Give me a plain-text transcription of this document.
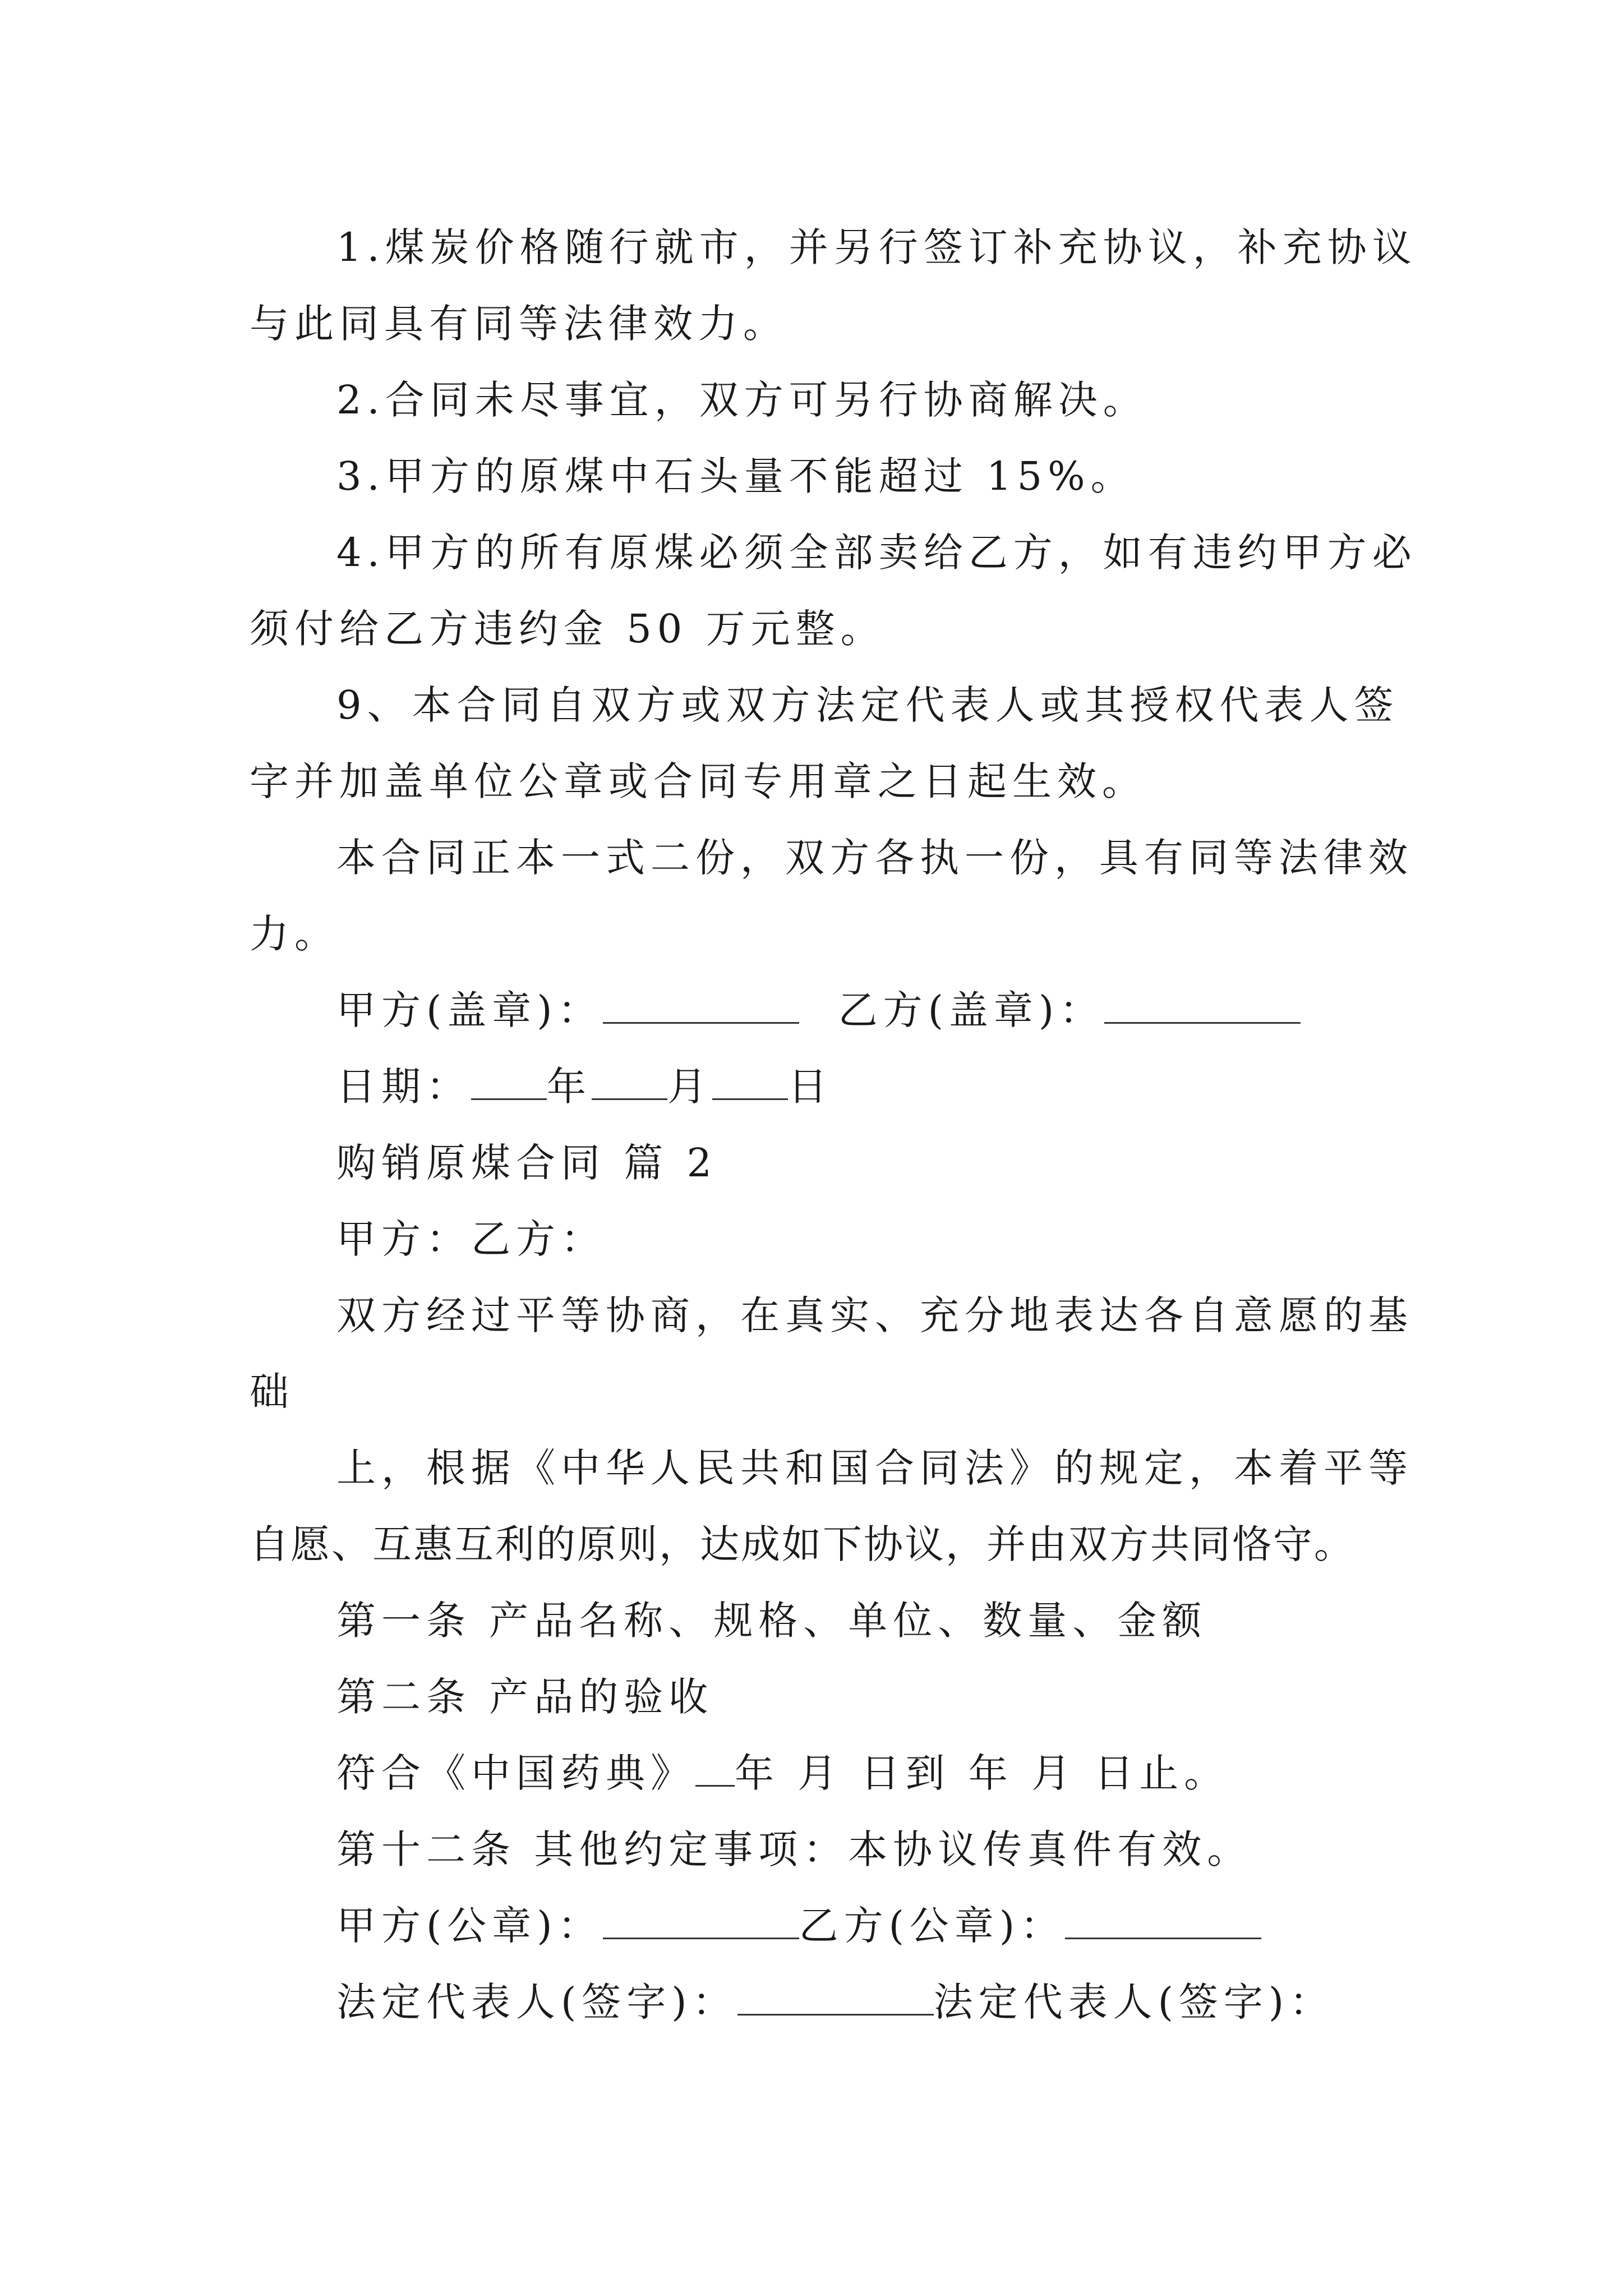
1.煤炭价格随行就市，并另行签订补充协议，补充协议

与此同具有同等法律效力。

2.合同未尽事宜，双方可另行协商解决。

3.甲方的原煤中石头量不能超过 15%。

4.甲方的所有原煤必须全部卖给乙方，如有违约甲方必

须付给乙方违约金 50 万元整。

9、本合同自双方或双方法定代表人或其授权代表人签

字并加盖单位公章或合同专用章之日起生效。

本合同正本一式二份，双方各执一份，具有同等法律效

力。

甲方(盖章)：	乙方(盖章)：

日期： 年 月 日

购销原煤合同 篇 2

甲方：乙方：

双方经过平等协商，在真实、充分地表达各自意愿的基

础

上，根据《中华人民共和国合同法》的规定，本着平等

自愿、互惠互利的原则，达成如下协议，并由双方共同恪守。

第一条 产品名称、规格、单位、数量、金额

第二条 产品的验收

符合《中国药典》 年 月 日到 年 月 日止。

第十二条 其他约定事项：本协议传真件有效。

甲方(公章)：	乙方(公章)：

法定代表人(签字)：	法定代表人(签字)：
